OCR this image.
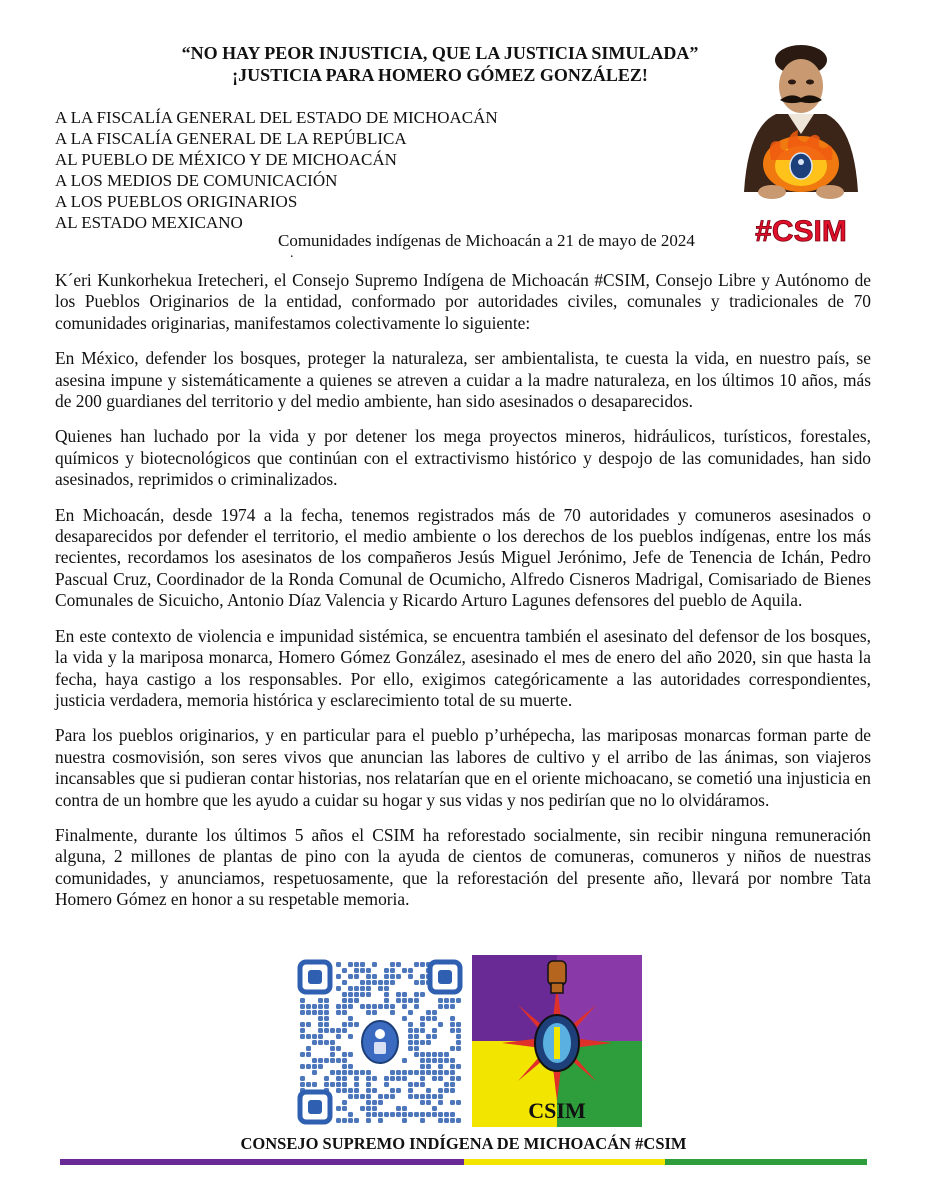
“NO HAY PEOR INJUSTICIA, QUE LA JUSTICIA SIMULADA”
¡JUSTICIA PARA HOMERO GÓMEZ GONZÁLEZ!
A LA FISCALÍA GENERAL DEL ESTADO DE MICHOACÁN
A LA FISCALÍA GENERAL DE LA REPÚBLICA
AL PUEBLO DE MÉXICO Y DE MICHOACÁN
A LOS MEDIOS DE COMUNICACIÓN
A LOS PUEBLOS ORIGINARIOS
AL ESTADO MEXICANO
Comunidades indígenas de Michoacán a 21 de mayo de 2024
.
#CSIM

K´eri Kunkorhekua Iretecheri, el Consejo Supremo Indígena de Michoacán #CSIM, Consejo Libre y Autónomo de los Pueblos Originarios de la entidad, conformado por autoridades civiles, comunales y tradicionales de 70 comunidades originarias, manifestamos colectivamente lo siguiente:

En México, defender los bosques, proteger la naturaleza, ser ambientalista, te cuesta la vida, en nuestro país, se asesina impune y sistemáticamente a quienes se atreven a cuidar a la madre naturaleza, en los últimos 10 años, más de 200 guardianes del territorio y del medio ambiente, han sido asesinados o desaparecidos.

Quienes han luchado por la vida y por detener los mega proyectos mineros, hidráulicos, turísticos, forestales, químicos y biotecnológicos que continúan con el extractivismo histórico y despojo de las comunidades, han sido asesinados, reprimidos o criminalizados.

En Michoacán, desde 1974 a la fecha, tenemos registrados más de 70 autoridades y comuneros asesinados o desaparecidos por defender el territorio, el medio ambiente o los derechos de los pueblos indígenas, entre los más recientes, recordamos los asesinatos de los compañeros Jesús Miguel Jerónimo, Jefe de Tenencia de Ichán, Pedro Pascual Cruz, Coordinador de la Ronda Comunal de Ocumicho, Alfredo Cisneros Madrigal, Comisariado de Bienes Comunales de Sicuicho, Antonio Díaz Valencia y Ricardo Arturo Lagunes defensores del pueblo de Aquila.

En este contexto de violencia e impunidad sistémica, se encuentra también el asesinato del defensor de los bosques, la vida y la mariposa monarca, Homero Gómez González, asesinado el mes de enero del año 2020, sin que hasta la fecha, haya castigo a los responsables. Por ello, exigimos categóricamente a las autoridades correspondientes, justicia verdadera, memoria histórica y esclarecimiento total de su muerte.

Para los pueblos originarios, y en particular para el pueblo p’urhépecha, las mariposas monarcas forman parte de nuestra cosmovisión, son seres vivos que anuncian las labores de cultivo y el arribo de las ánimas, son viajeros incansables que si pudieran contar historias, nos relatarían que en el oriente michoacano, se cometió una injusticia en contra de un hombre que les ayudo a cuidar su hogar y sus vidas y nos pedirían que no lo olvidáramos.

Finalmente, durante los últimos 5 años el CSIM ha reforestado socialmente, sin recibir ninguna remuneración alguna, 2 millones de plantas de pino con la ayuda de cientos de comuneras, comuneros y niños de nuestras comunidades, y anunciamos, respetuosamente, que la reforestación del presente año, llevará por nombre Tata Homero Gómez en honor a su respetable memoria.

CSIM
CONSEJO SUPREMO INDÍGENA DE MICHOACÁN #CSIM
